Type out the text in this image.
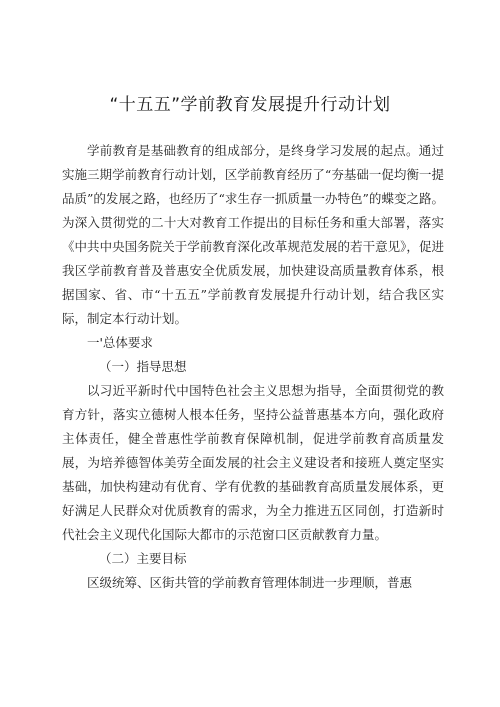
“十五五”学前教育发展提升行动计划

学前教育是基础教育的组成部分，是终身学习发展的起点。通过实施三期学前教育行动计划，区学前教育经历了“夯基础一促均衡一提品质”的发展之路，也经历了“求生存一抓质量一办特色”的蝶变之路。为深入贯彻党的二十大对教育工作提出的目标任务和重大部署，落实《中共中央国务院关于学前教育深化改革规范发展的若干意见》，促进我区学前教育普及普惠安全优质发展，加快建设高质量教育体系，根据国家、省、市“十五五”学前教育发展提升行动计划，结合我区实际，制定本行动计划。

一'总体要求

（一）指导思想

以习近平新时代中国特色社会主义思想为指导，全面贯彻党的教育方针，落实立德树人根本任务，坚持公益普惠基本方向，强化政府主体责任，健全普惠性学前教育保障机制，促进学前教育高质量发展，为培养德智体美劳全面发展的社会主义建设者和接班人奠定坚实基础，加快构建动有优育、学有优教的基础教育高质量发展体系，更好满足人民群众对优质教育的需求，为全力推进五区同创，打造新时代社会主义现代化国际大都市的示范窗口区贡献教育力量。

（二）主要目标

区级统筹、区街共管的学前教育管理体制进一步理顺，普惠
